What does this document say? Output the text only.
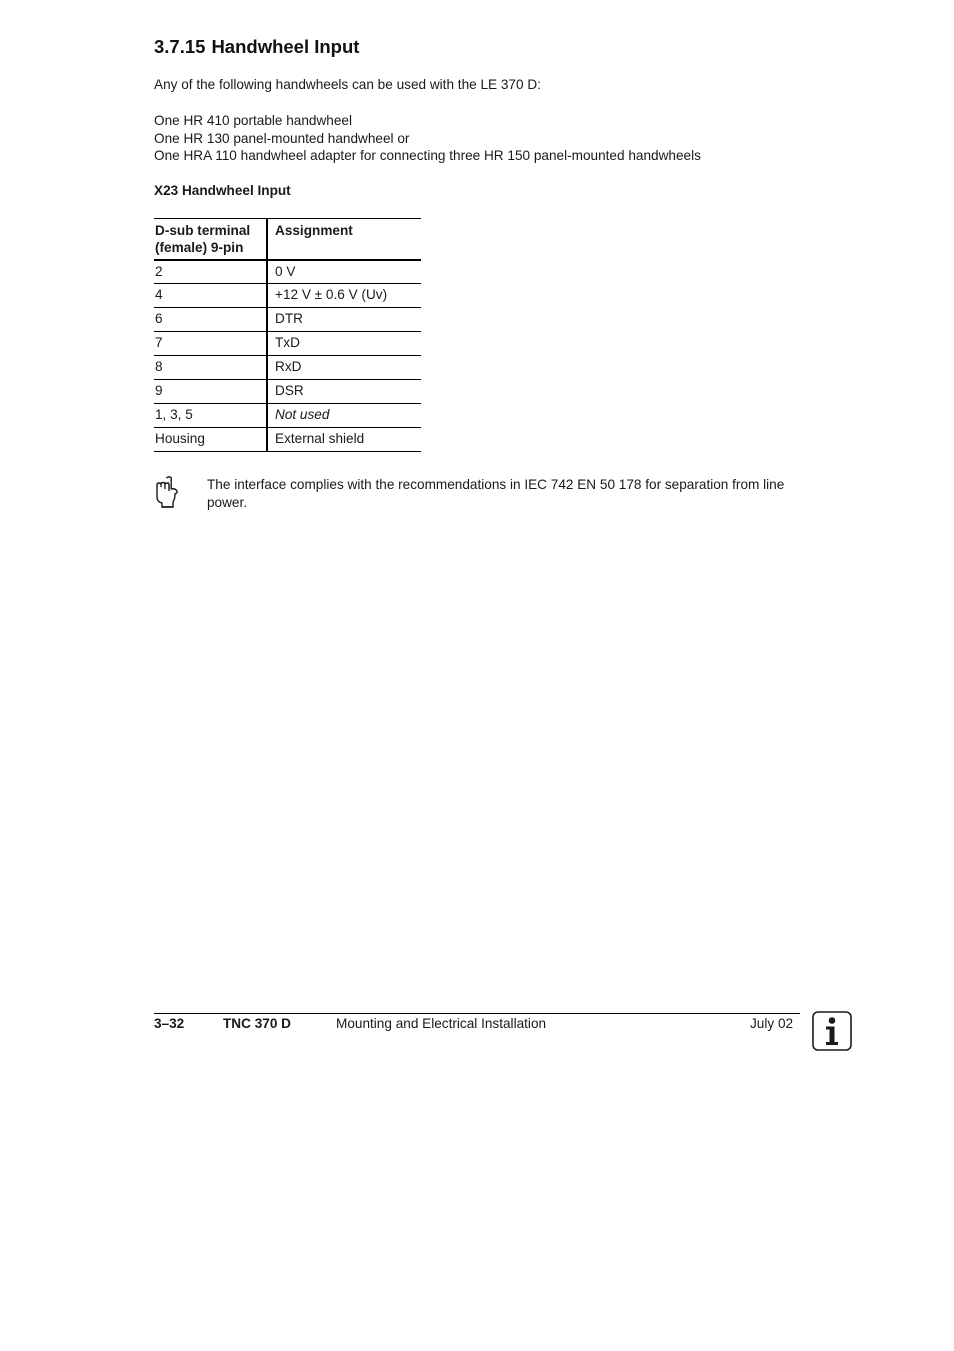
3.7.15 Handwheel Input
Any of the following handwheels can be used with the LE 370 D:
One HR 410 portable handwheel
One HR 130 panel-mounted handwheel or
One HRA 110 handwheel adapter for connecting three HR 150 panel-mounted handwheels
X23 Handwheel Input
D-sub terminal (female) 9-pin	Assignment
2	0 V
4	+12 V ± 0.6 V (Uv)
6	DTR
7	TxD
8	RxD
9	DSR
1, 3, 5	Not used
Housing	External shield
The interface complies with the recommendations in IEC 742 EN 50 178 for separation from line power.
3–32	TNC 370 D	Mounting and Electrical Installation	July 02
